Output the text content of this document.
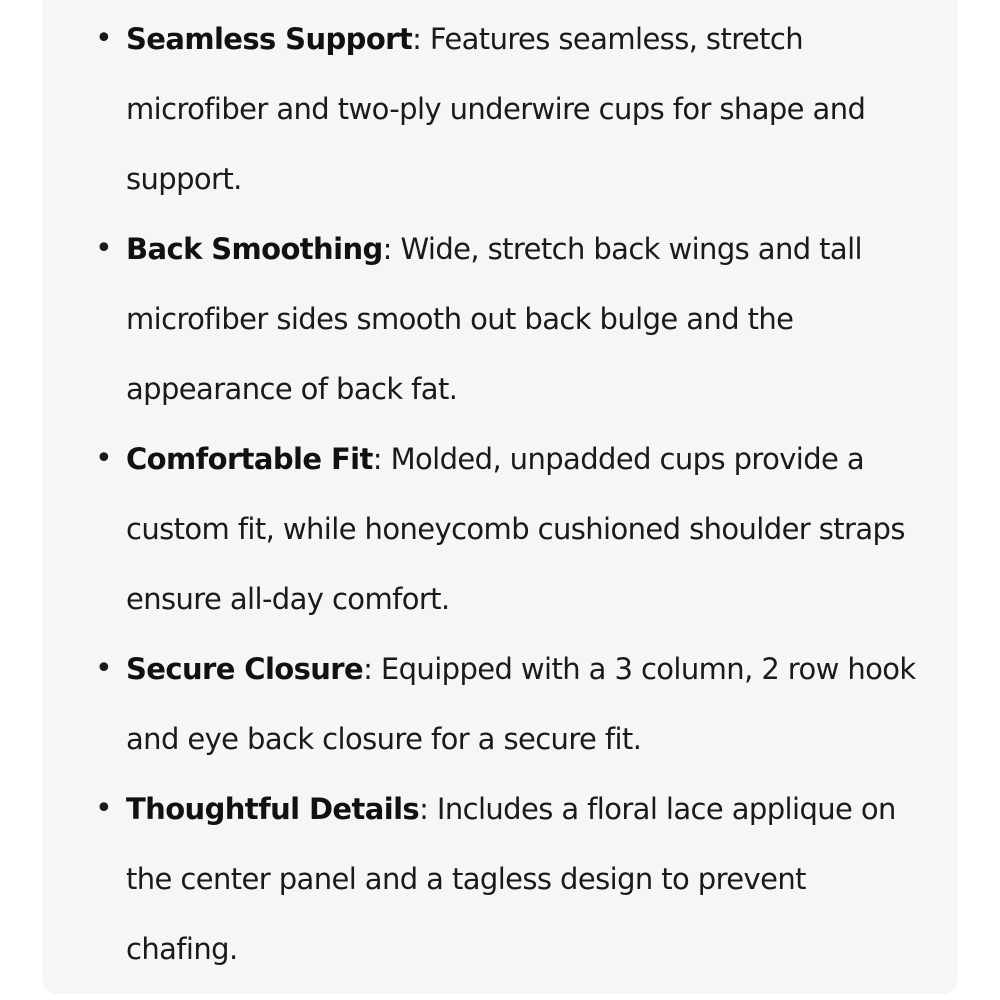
• Seamless Support: Features seamless, stretch microfiber and two-ply underwire cups for shape and support.
• Back Smoothing: Wide, stretch back wings and tall microfiber sides smooth out back bulge and the appearance of back fat.
• Comfortable Fit: Molded, unpadded cups provide a custom fit, while honeycomb cushioned shoulder straps ensure all-day comfort.
• Secure Closure: Equipped with a 3 column, 2 row hook and eye back closure for a secure fit.
• Thoughtful Details: Includes a floral lace applique on the center panel and a tagless design to prevent chafing.
